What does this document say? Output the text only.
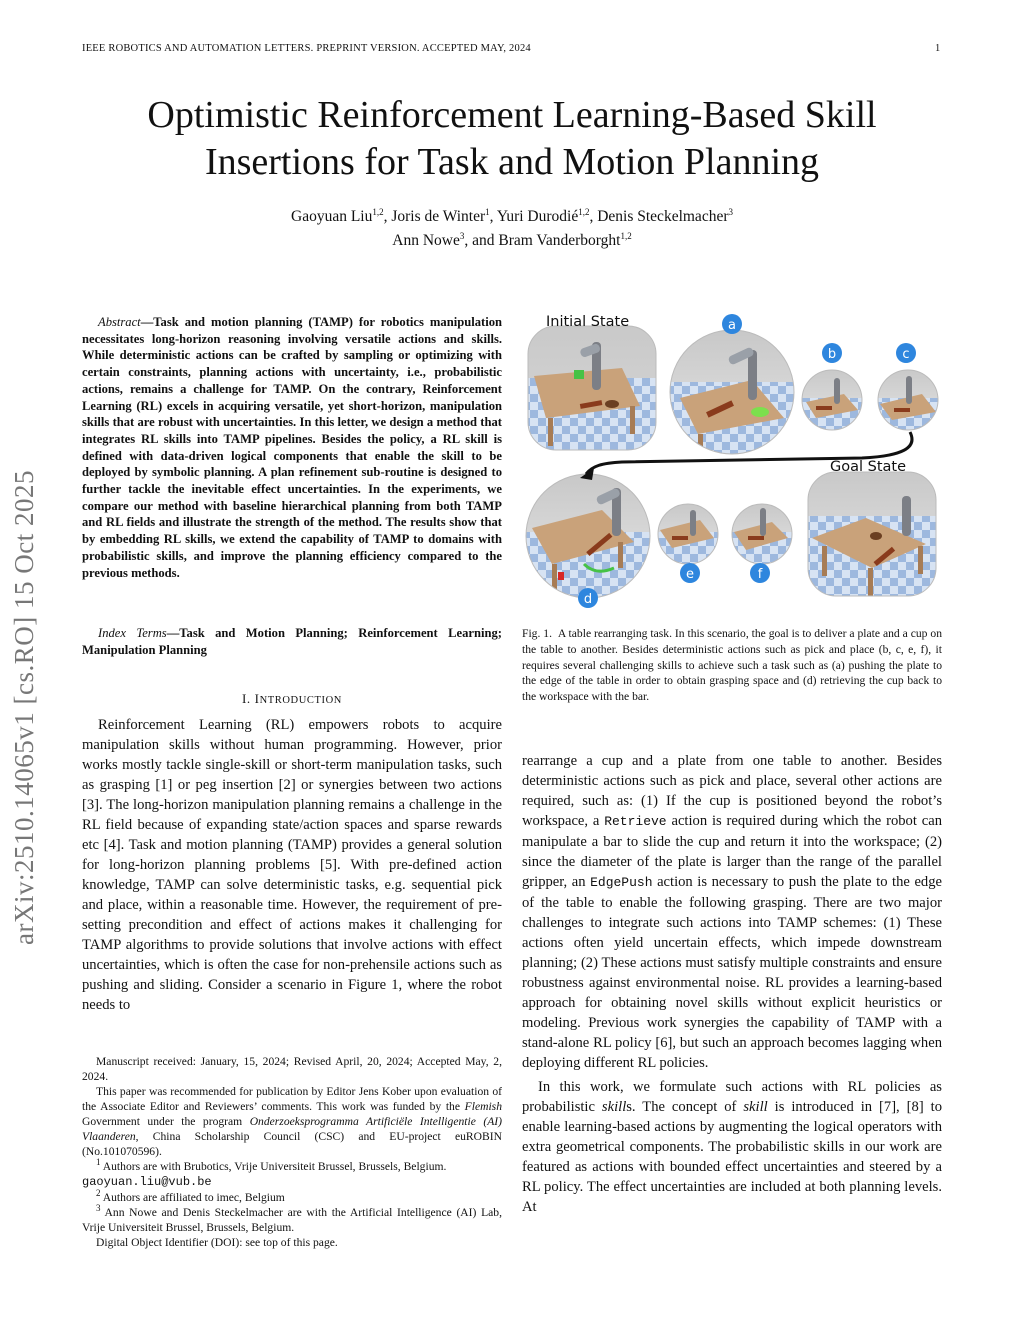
IEEE ROBOTICS AND AUTOMATION LETTERS. PREPRINT VERSION. ACCEPTED MAY, 2024	1
arXiv:2510.14065v1 [cs.RO] 15 Oct 2025
Optimistic Reinforcement Learning-Based Skill
Insertions for Task and Motion Planning
Gaoyuan Liu$^{1,2}$, Joris de Winter$^1$, Yuri Durodié$^{1,2}$, Denis Steckelmacher$^3$
Ann Nowe$^3$, and Bram Vanderborght$^{1,2}$
Abstract—Task and motion planning (TAMP) for robotics manipulation necessitates long-horizon reasoning involving versatile actions and skills. While deterministic actions can be crafted by sampling or optimizing with certain constraints, planning actions with uncertainty, i.e., probabilistic actions, remains a challenge for TAMP. On the contrary, Reinforcement Learning (RL) excels in acquiring versatile, yet short-horizon, manipulation skills that are robust with uncertainties. In this letter, we design a method that integrates RL skills into TAMP pipelines. Besides the policy, a RL skill is defined with data-driven logical components that enable the skill to be deployed by symbolic planning. A plan refinement sub-routine is designed to further tackle the inevitable effect uncertainties. In the experiments, we compare our method with baseline hierarchical planning from both TAMP and RL fields and illustrate the strength of the method. The results show that by embedding RL skills, we extend the capability of TAMP to domains with probabilistic skills, and improve the planning efficiency compared to the previous methods.
Index Terms—Task and Motion Planning; Reinforcement Learning; Manipulation Planning
I. INTRODUCTION

Reinforcement Learning (RL) empowers robots to acquire manipulation skills without human programming. However, prior works mostly tackle single-skill or short-term manipulation tasks, such as grasping [1] or peg insertion [2] or synergies between two actions [3]. The long-horizon manipulation planning remains a challenge in the RL field because of expanding state/action spaces and sparse rewards etc [4]. Task and motion planning (TAMP) provides a general solution for long-horizon planning problems [5]. With pre-defined action knowledge, TAMP can solve deterministic tasks, e.g. sequential pick and place, within a reasonable time. However, the requirement of pre-setting precondition and effect of actions makes it challenging for TAMP algorithms to provide solutions that involve actions with effect uncertainties, which is often the case for non-prehensile actions such as pushing and sliding. Consider a scenario in Figure 1, where the robot needs to

Manuscript received: January, 15, 2024; Revised April, 20, 2024; Accepted May, 2, 2024.

This paper was recommended for publication by Editor Jens Kober upon evaluation of the Associate Editor and Reviewers’ comments. This work was funded by the Flemish Government under the program Onderzoeksprogramma Artificiële Intelligentie (AI) Vlaanderen, China Scholarship Council (CSC) and EU-project euROBIN (No.101070596).

$^1$ Authors are with Brubotics, Vrije Universiteit Brussel, Brussels, Belgium.
gaoyuan.liu@vub.be

$^2$ Authors are affiliated to imec, Belgium

$^3$ Ann Nowe and Denis Steckelmacher are with the Artificial Intelligence (AI) Lab, Vrije Universiteit Brussel, Brussels, Belgium.

Digital Object Identifier (DOI): see top of this page.

Initial State
Goal State
a
b	c
d
e	f
Fig. 1. A table rearranging task. In this scenario, the goal is to deliver a plate and a cup on the table to another. Besides deterministic actions such as pick and place (b, c, e, f), it requires several challenging skills to achieve such a task such as (a) pushing the plate to the edge of the table in order to obtain grasping space and (d) retrieving the cup back to the workspace with the bar.

rearrange a cup and a plate from one table to another. Besides deterministic actions such as pick and place, several other actions are required, such as: (1) If the cup is positioned beyond the robot’s workspace, a Retrieve action is required during which the robot can manipulate a bar to slide the cup and return it into the workspace; (2) since the diameter of the plate is larger than the range of the parallel gripper, an EdgePush action is necessary to push the plate to the edge of the table to enable the following grasping. There are two major challenges to integrate such actions into TAMP schemes: (1) These actions often yield uncertain effects, which impede downstream planning; (2) These actions must satisfy multiple constraints and ensure robustness against environmental noise. RL provides a learning-based approach for obtaining novel skills without explicit heuristics or modeling. Previous work synergies the capability of TAMP with a stand-alone RL policy [6], but such an approach becomes lagging when deploying different RL policies.

In this work, we formulate such actions with RL policies as probabilistic skills. The concept of skill is introduced in [7], [8] to enable learning-based actions by augmenting the logical operators with extra geometrical components. The probabilistic skills in our work are featured as actions with bounded effect uncertainties and steered by a RL policy. The effect uncertainties are included at both planning levels. At
